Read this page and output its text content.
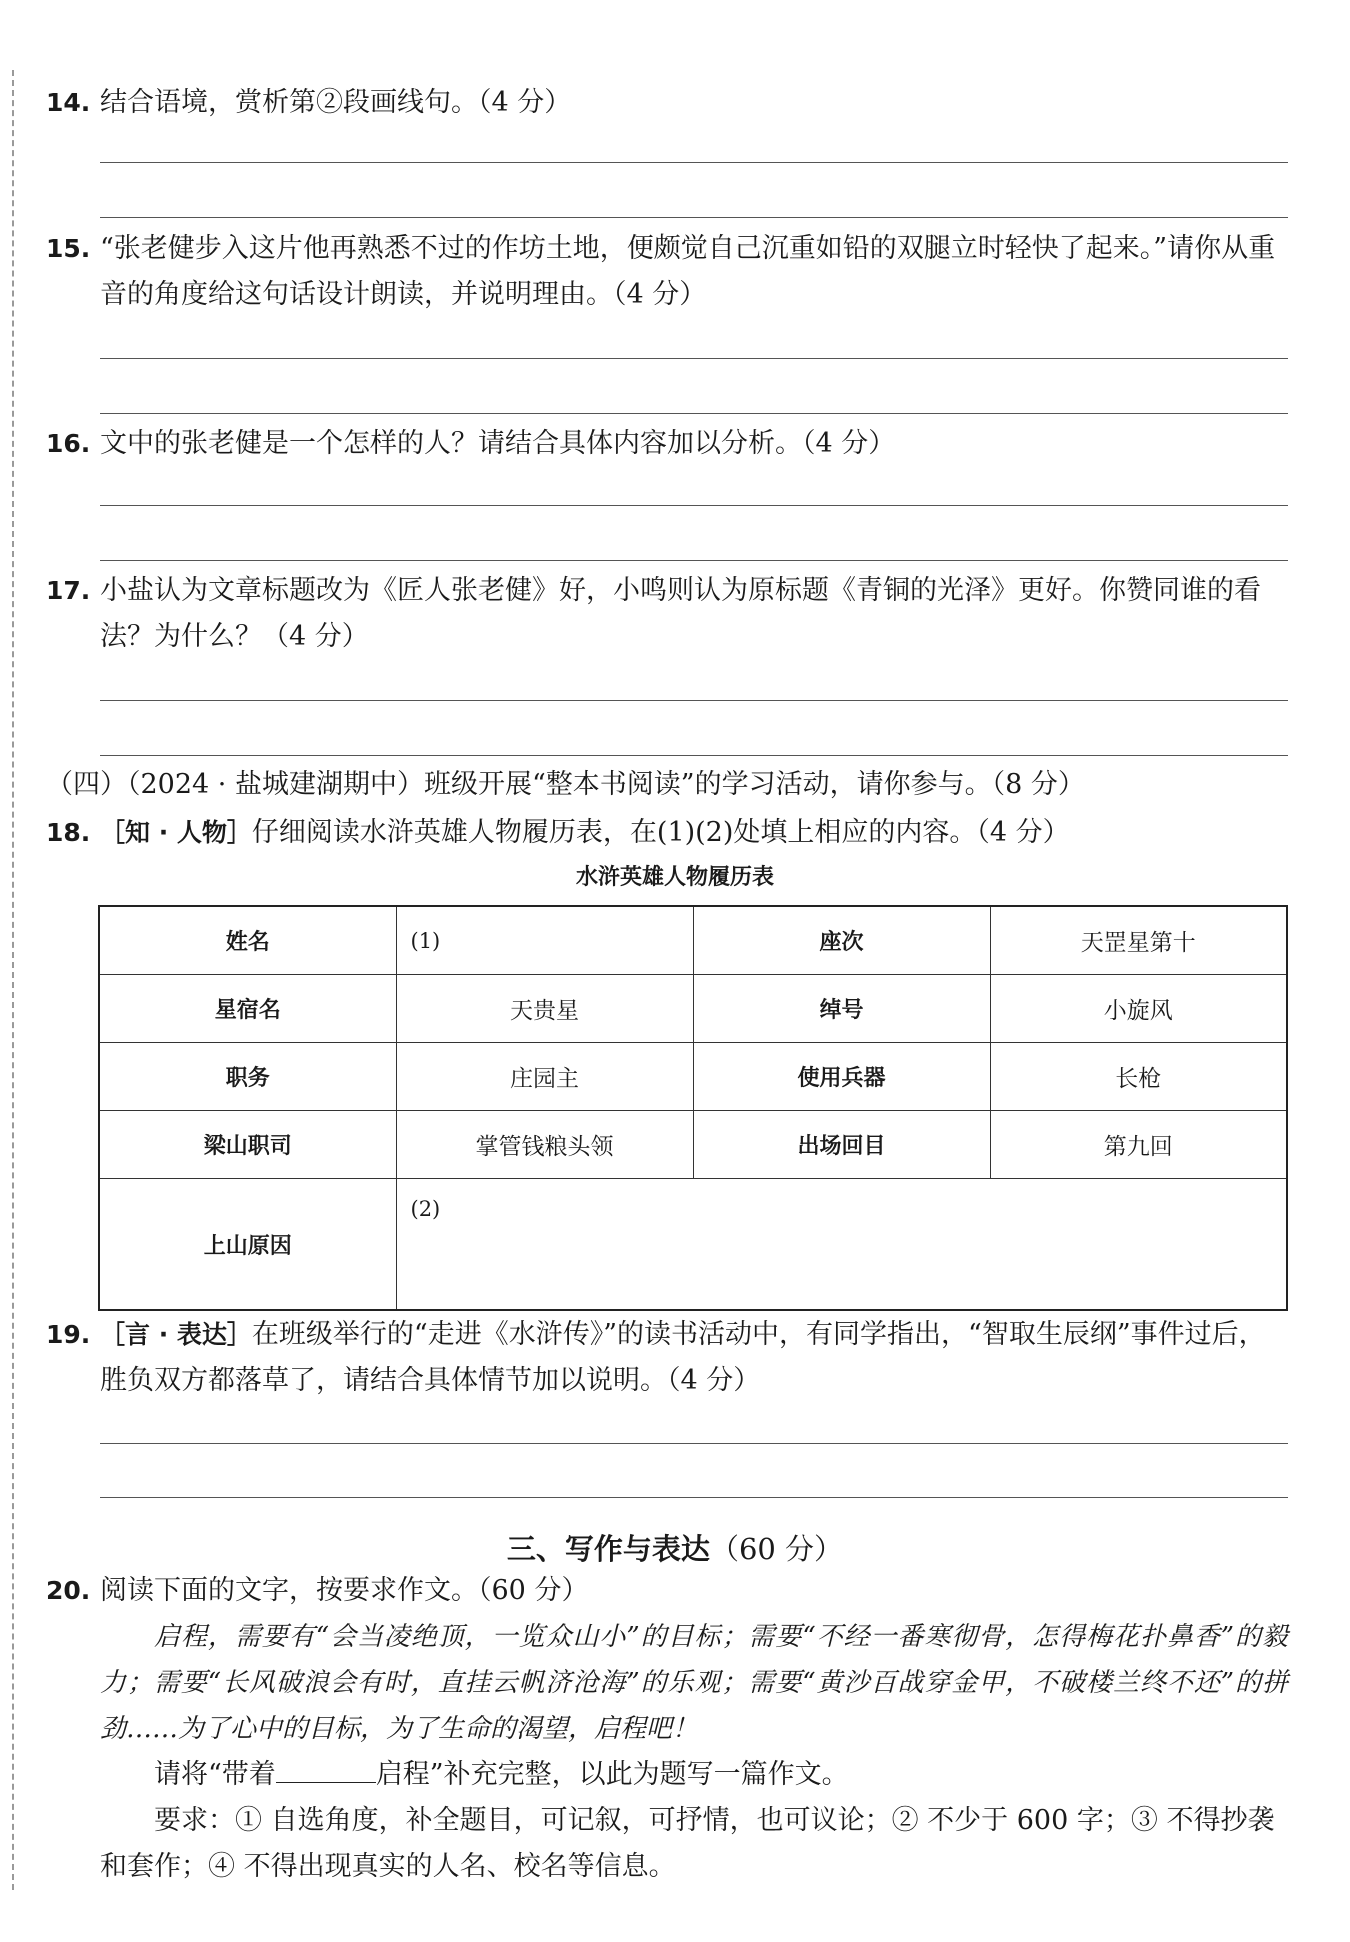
14. 结合语境，赏析第②段画线句。（4 分）
15. “张老健步入这片他再熟悉不过的作坊土地，便颇觉自己沉重如铅的双腿立时轻快了起来。”请你从重音的角度给这句话设计朗读，并说明理由。（4 分）
16. 文中的张老健是一个怎样的人？请结合具体内容加以分析。（4 分）
17. 小盐认为文章标题改为《匠人张老健》好，小鸣则认为原标题《青铜的光泽》更好。你赞同谁的看法？为什么？（4 分）
（四）（2024 · 盐城建湖期中）班级开展“整本书阅读”的学习活动，请你参与。（8 分）
18. ［知 · 人物］仔细阅读水浒英雄人物履历表，在(1)(2)处填上相应的内容。（4 分）
水浒英雄人物履历表
姓名	(1)	座次	天罡星第十
星宿名	天贵星	绰号	小旋风
职务	庄园主	使用兵器	长枪
梁山职司	掌管钱粮头领	出场回目	第九回
上山原因	(2)		
19. ［言 · 表达］在班级举行的“走进《水浒传》”的读书活动中，有同学指出，“智取生辰纲”事件过后，胜负双方都落草了，请结合具体情节加以说明。（4 分）
三、写作与表达（60 分）
20. 阅读下面的文字，按要求作文。（60 分）
启程，需要有“会当凌绝顶，一览众山小”的目标；需要“不经一番寒彻骨，怎得梅花扑鼻香”的毅力；需要“长风破浪会有时，直挂云帆济沧海”的乐观；需要“黄沙百战穿金甲，不破楼兰终不还”的拼劲……为了心中的目标，为了生命的渴望，启程吧！
请将“带着	启程”补充完整，以此为题写一篇作文。
要求：① 自选角度，补全题目，可记叙，可抒情，也可议论；② 不少于 600 字；③ 不得抄袭和套作；④ 不得出现真实的人名、校名等信息。
